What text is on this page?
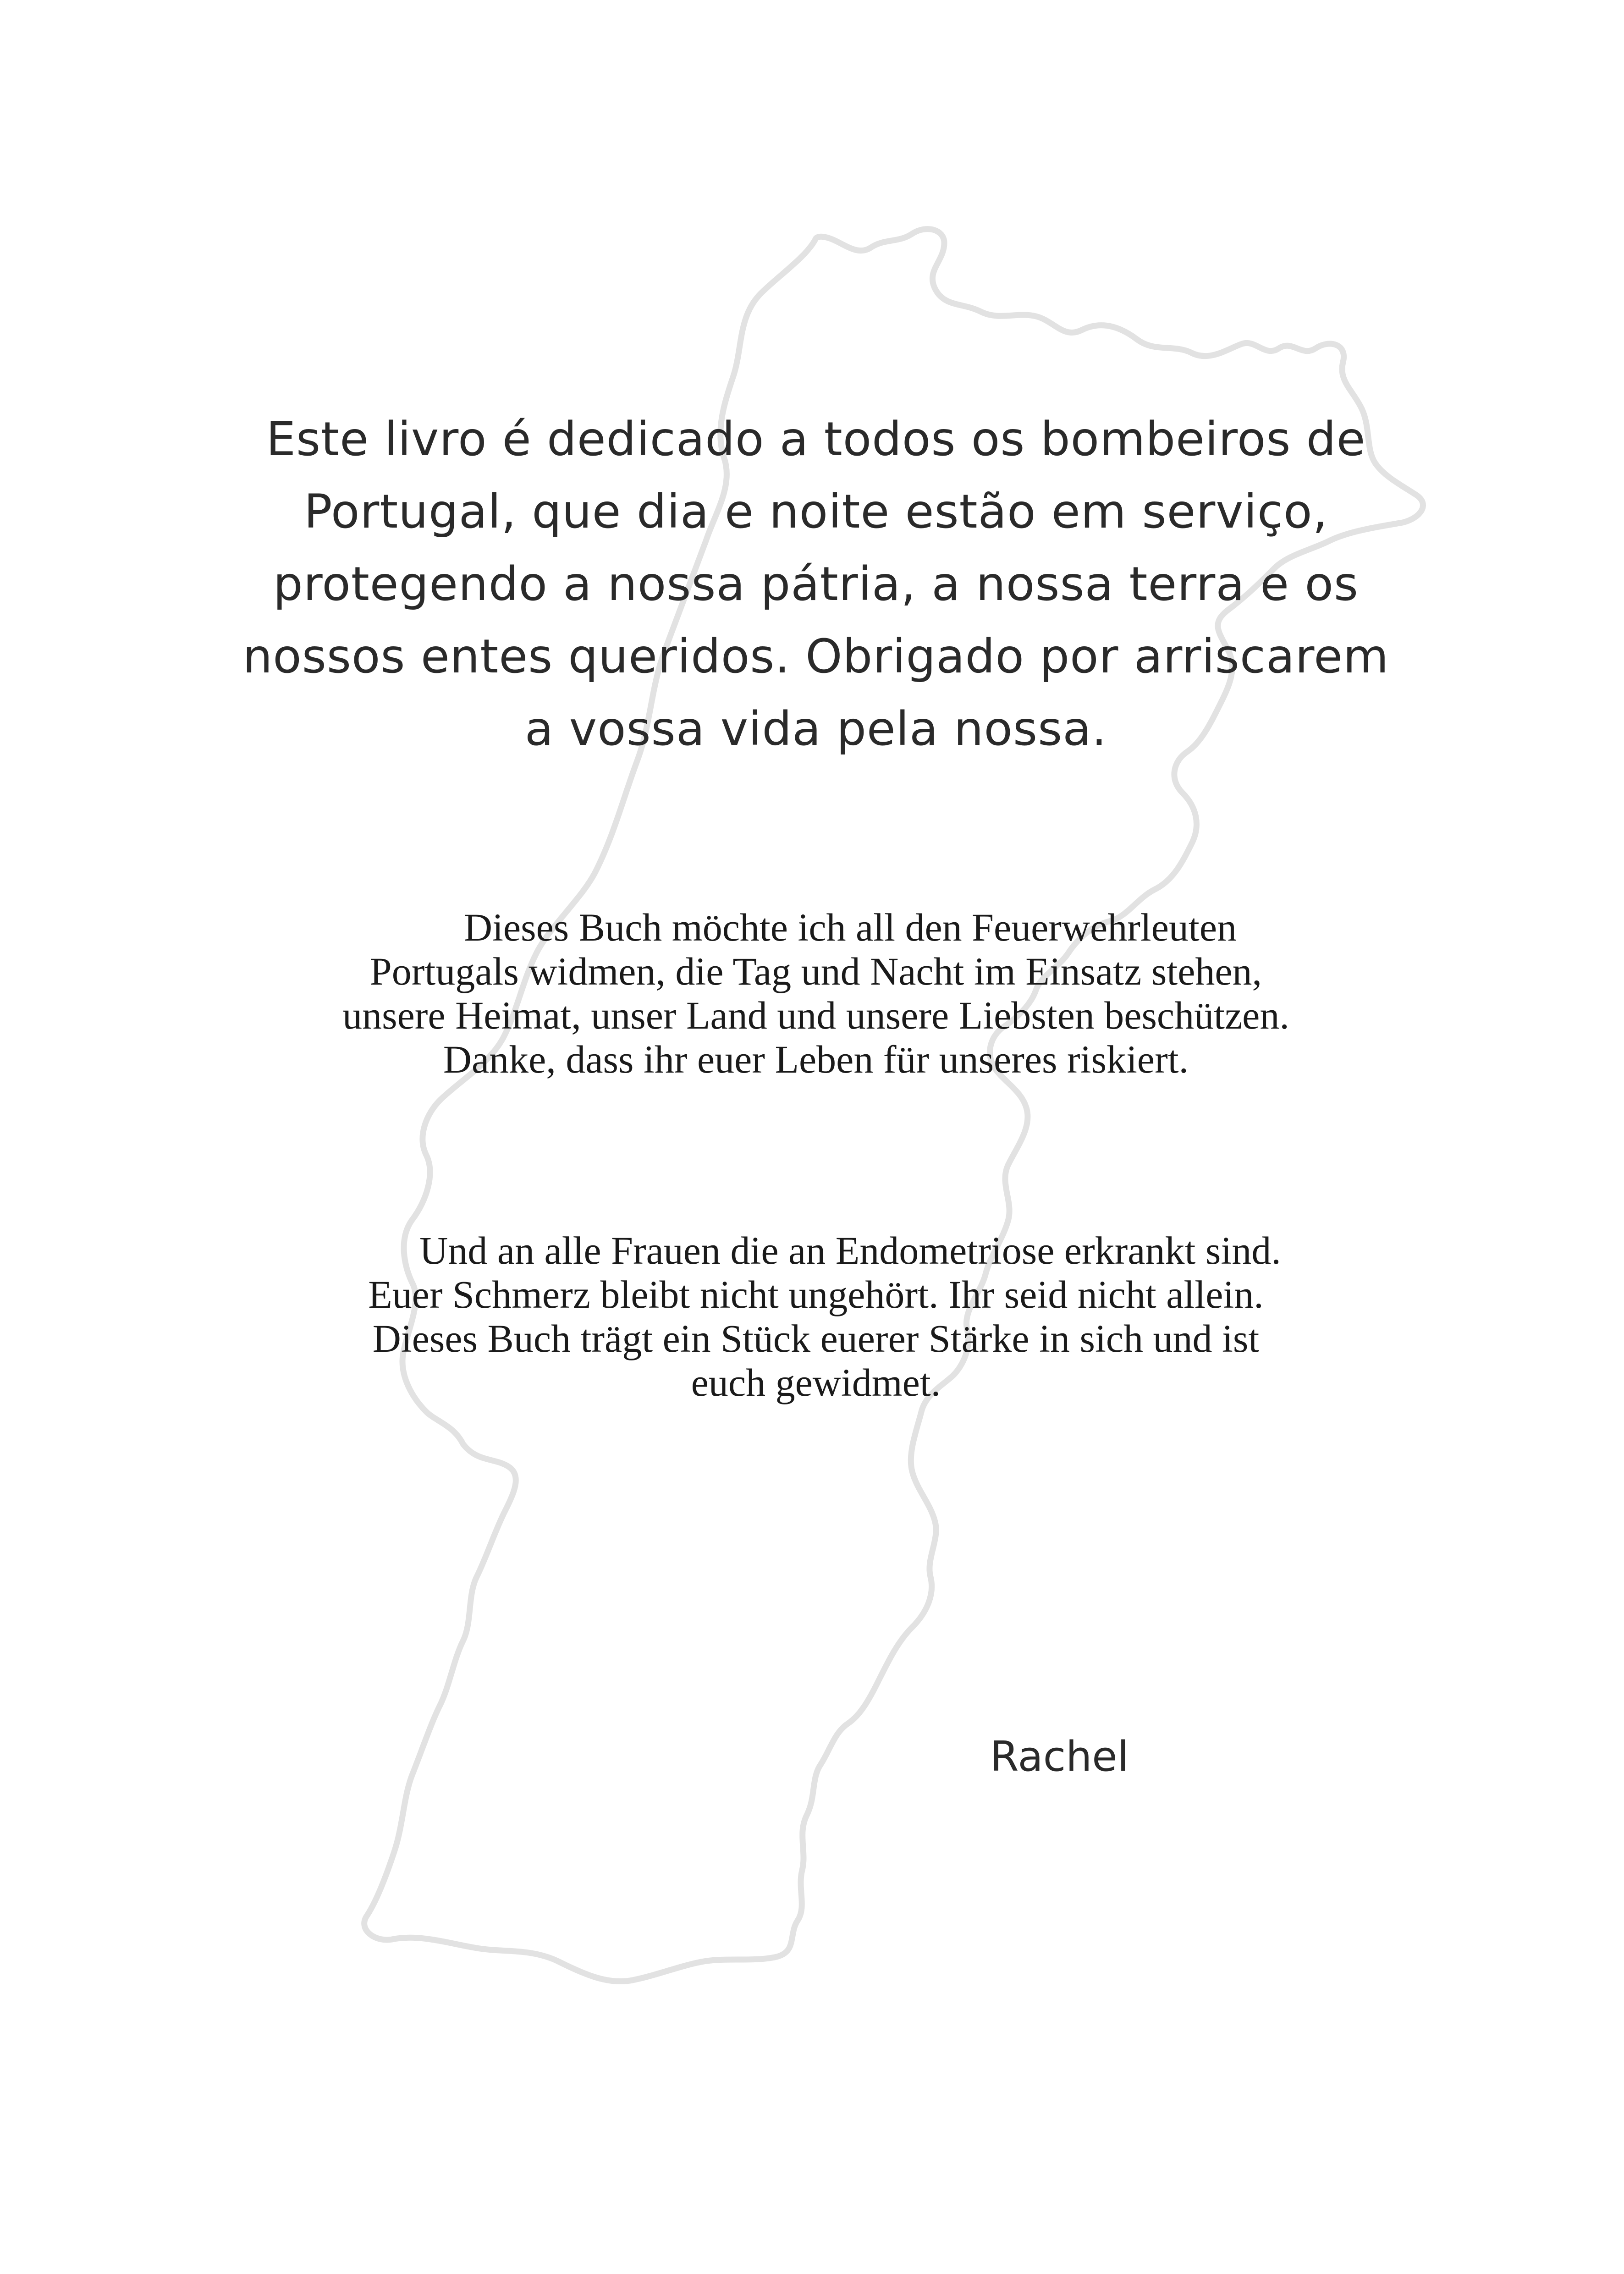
Este livro é dedicado a todos os bombeiros de
Portugal, que dia e noite estão em serviço,
protegendo a nossa pátria, a nossa terra e os
nossos entes queridos. Obrigado por arriscarem
a vossa vida pela nossa.
Dieses Buch möchte ich all den Feuerwehrleuten
Portugals widmen, die Tag und Nacht im Einsatz stehen,
unsere Heimat, unser Land und unsere Liebsten beschützen.
Danke, dass ihr euer Leben für unseres riskiert.
Und an alle Frauen die an Endometriose erkrankt sind.
Euer Schmerz bleibt nicht ungehört. Ihr seid nicht allein.
Dieses Buch trägt ein Stück euerer Stärke in sich und ist
euch gewidmet.
Rachel
